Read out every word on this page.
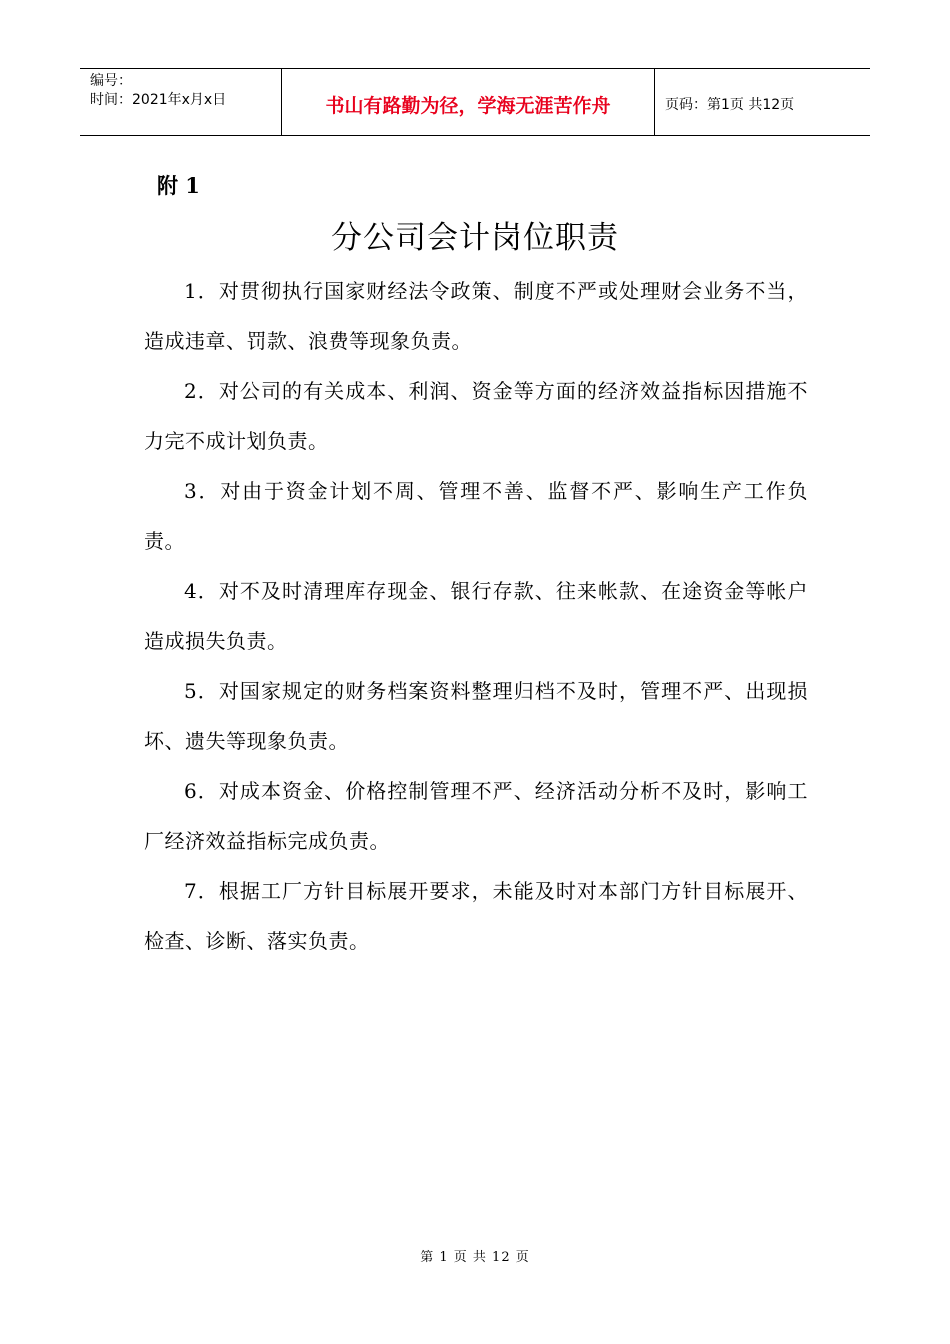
编号：
时间：2021年x月x日	书山有路勤为径，学海无涯苦作舟	页码：第1页 共12页
附 1
分公司会计岗位职责

1．对贯彻执行国家财经法令政策、制度不严或处理财会业务不当，造成违章、罚款、浪费等现象负责。

2．对公司的有关成本、利润、资金等方面的经济效益指标因措施不力完不成计划负责。

3．对由于资金计划不周、管理不善、监督不严、影响生产工作负责。

4．对不及时清理库存现金、银行存款、往来帐款、在途资金等帐户造成损失负责。

5．对国家规定的财务档案资料整理归档不及时，管理不严、出现损坏、遗失等现象负责。

6．对成本资金、价格控制管理不严、经济活动分析不及时，影响工厂经济效益指标完成负责。

7．根据工厂方针目标展开要求，未能及时对本部门方针目标展开、检查、诊断、落实负责。

第 1 页 共 12 页
